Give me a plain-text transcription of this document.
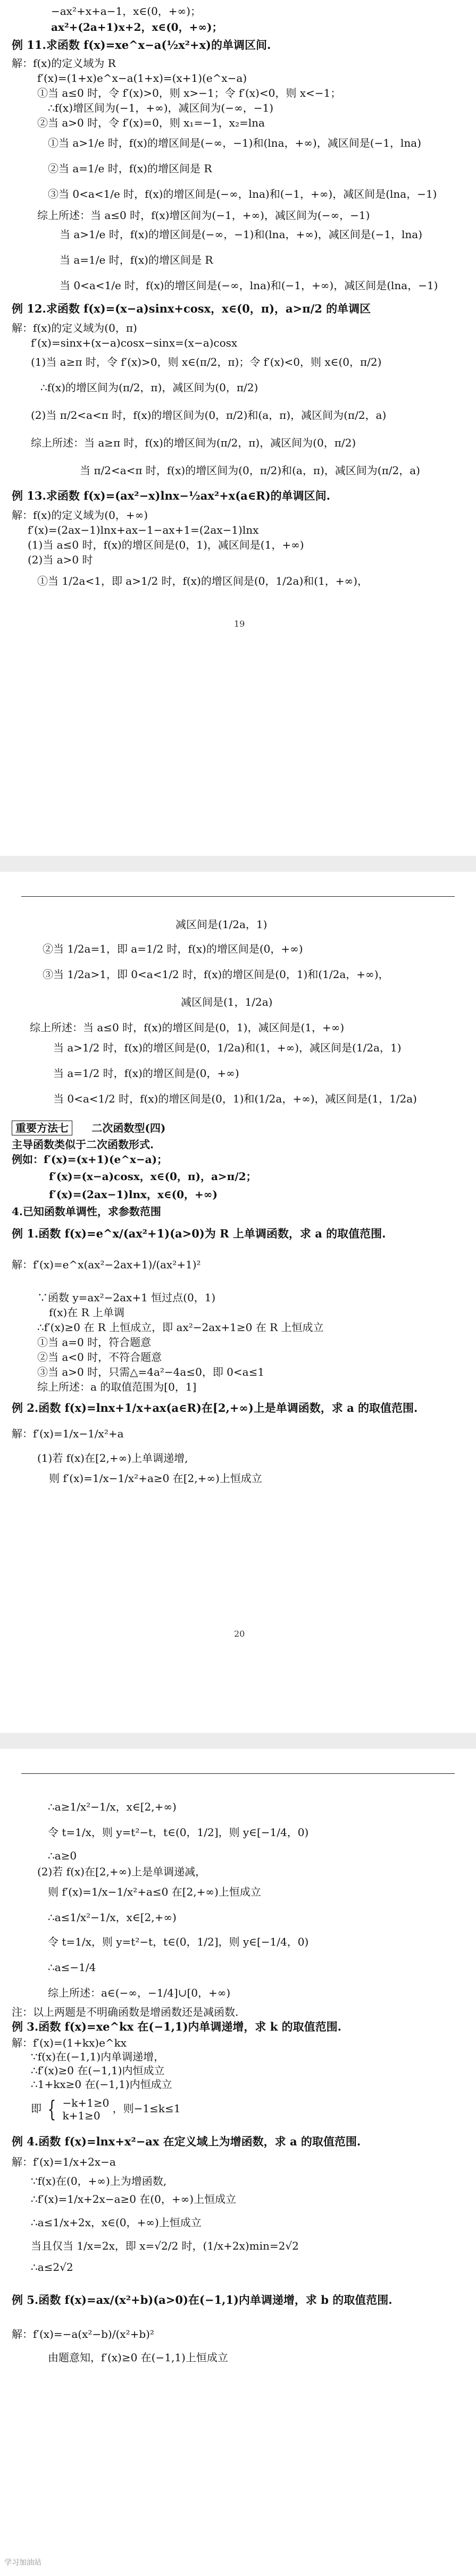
−ax²+x+a−1，x∈(0，+∞)；
ax²+(2a+1)x+2，x∈(0，+∞)；
例 11.求函数 f(x)=xe^x−a(½x²+x)的单调区间.
解：f(x)的定义域为 R
f′(x)=(1+x)e^x−a(1+x)=(x+1)(e^x−a)
①当 a≤0 时，令 f′(x)>0，则 x>−1；令 f′(x)<0，则 x<−1；
∴f(x)增区间为(−1，+∞)，减区间为(−∞，−1)
②当 a>0 时，令 f′(x)=0，则 x₁=−1，x₂=lna
①当 a>1/e 时，f(x)的增区间是(−∞，−1)和(lna，+∞)，减区间是(−1，lna)
②当 a=1/e 时，f(x)的增区间是 R
③当 0<a<1/e 时，f(x)的增区间是(−∞，lna)和(−1，+∞)，减区间是(lna，−1)
综上所述：当 a≤0 时，f(x)增区间为(−1，+∞)，减区间为(−∞，−1)
当 a>1/e 时，f(x)的增区间是(−∞，−1)和(lna，+∞)，减区间是(−1，lna)
当 a=1/e 时，f(x)的增区间是 R
当 0<a<1/e 时，f(x)的增区间是(−∞，lna)和(−1，+∞)，减区间是(lna，−1)
例 12.求函数 f(x)=(x−a)sinx+cosx，x∈(0，π)，a>π/2 的单调区
解：f(x)的定义域为(0，π)
f′(x)=sinx+(x−a)cosx−sinx=(x−a)cosx
(1)当 a≥π 时，令 f′(x)>0，则 x∈(π/2，π)；令 f′(x)<0，则 x∈(0，π/2)
∴f(x)的增区间为(π/2，π)，减区间为(0，π/2)
(2)当 π/2<a<π 时，f(x)的增区间为(0，π/2)和(a，π)，减区间为(π/2，a)
综上所述：当 a≥π 时，f(x)的增区间为(π/2，π)，减区间为(0，π/2)
当 π/2<a<π 时，f(x)的增区间为(0，π/2)和(a，π)，减区间为(π/2，a)
例 13.求函数 f(x)=(ax²−x)lnx−½ax²+x(a∈R)的单调区间.
解：f(x)的定义域为(0，+∞)
f′(x)=(2ax−1)lnx+ax−1−ax+1=(2ax−1)lnx
(1)当 a≤0 时，f(x)的增区间是(0，1)，减区间是(1，+∞)
(2)当 a>0 时
①当 1/2a<1，即 a>1/2 时，f(x)的增区间是(0，1/2a)和(1，+∞)，
19
减区间是(1/2a，1)
②当 1/2a=1，即 a=1/2 时，f(x)的增区间是(0，+∞)
③当 1/2a>1，即 0<a<1/2 时，f(x)的增区间是(0，1)和(1/2a，+∞)，
减区间是(1，1/2a)
综上所述：当 a≤0 时，f(x)的增区间是(0，1)，减区间是(1，+∞)
当 a>1/2 时，f(x)的增区间是(0，1/2a)和(1，+∞)，减区间是(1/2a，1)
当 a=1/2 时，f(x)的增区间是(0，+∞)
当 0<a<1/2 时，f(x)的增区间是(0，1)和(1/2a，+∞)，减区间是(1，1/2a)
重要方法七 二次函数型(四)
主导函数类似于二次函数形式.
例如：f′(x)=(x+1)(e^x−a)；
f′(x)=(x−a)cosx，x∈(0，π)，a>π/2；
f′(x)=(2ax−1)lnx，x∈(0，+∞)
4.已知函数单调性，求参数范围
例 1.函数 f(x)=e^x/(ax²+1)(a>0)为 R 上单调函数，求 a 的取值范围.
解：f′(x)=e^x(ax²−2ax+1)/(ax²+1)²
∵函数 y=ax²−2ax+1 恒过点(0，1)
f(x)在 R 上单调
∴f′(x)≥0 在 R 上恒成立，即 ax²−2ax+1≥0 在 R 上恒成立
①当 a=0 时，符合题意
②当 a<0 时，不符合题意
③当 a>0 时，只需△=4a²−4a≤0，即 0<a≤1
综上所述：a 的取值范围为[0，1]
例 2.函数 f(x)=lnx+1/x+ax(a∈R)在[2,+∞)上是单调函数，求 a 的取值范围.
解：f′(x)=1/x−1/x²+a
(1)若 f(x)在[2,+∞)上单调递增,
则 f′(x)=1/x−1/x²+a≥0 在[2,+∞)上恒成立
20
∴a≥1/x²−1/x，x∈[2,+∞)
令 t=1/x，则 y=t²−t，t∈(0，1/2]，则 y∈[−1/4，0)
∴a≥0
(2)若 f(x)在[2,+∞)上是单调递减，
则 f′(x)=1/x−1/x²+a≤0 在[2,+∞)上恒成立
∴a≤1/x²−1/x，x∈[2,+∞)
令 t=1/x，则 y=t²−t，t∈(0，1/2]，则 y∈[−1/4，0)
∴a≤−1/4
综上所述：a∈(−∞，−1/4]∪[0，+∞)
注：以上两题是不明确函数是增函数还是减函数.
例 3.函数 f(x)=xe^kx 在(−1,1)内单调递增，求 k 的取值范围.
解：f′(x)=(1+kx)e^kx
∵f(x)在(−1,1)内单调递增，
∴f′(x)≥0 在(−1,1)内恒成立
∴1+kx≥0 在(−1,1)内恒成立
即 { −k+1≥0
k+1≥0
，则−1≤k≤1
例 4.函数 f(x)=lnx+x²−ax 在定义域上为增函数，求 a 的取值范围.
解：f′(x)=1/x+2x−a
∵f(x)在(0，+∞)上为增函数,
∴f′(x)=1/x+2x−a≥0 在(0，+∞)上恒成立
∴a≤1/x+2x，x∈(0，+∞)上恒成立
当且仅当 1/x=2x，即 x=√2/2 时，(1/x+2x)min=2√2
∴a≤2√2
例 5.函数 f(x)=ax/(x²+b)(a>0)在(−1,1)内单调递增，求 b 的取值范围.
解：f′(x)=−a(x²−b)/(x²+b)²
由题意知，f′(x)≥0 在(−1,1)上恒成立
学习加油站
